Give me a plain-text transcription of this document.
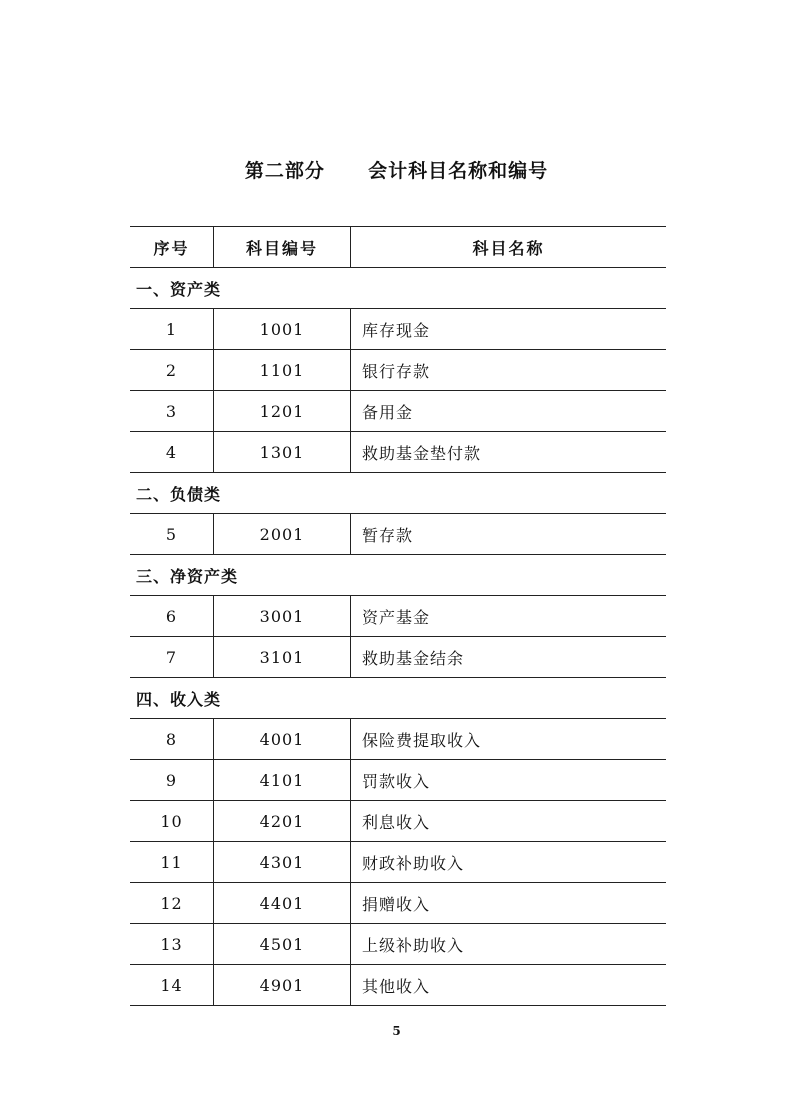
第二部分  会计科目名称和编号
序号	科目编号	科目名称
一、资产类
1	1001	库存现金
2	1101	银行存款
3	1201	备用金
4	1301	救助基金垫付款
二、负债类
5	2001	暂存款
三、净资产类
6	3001	资产基金
7	3101	救助基金结余
四、收入类
8	4001	保险费提取收入
9	4101	罚款收入
10	4201	利息收入
11	4301	财政补助收入
12	4401	捐赠收入
13	4501	上级补助收入
14	4901	其他收入
5
